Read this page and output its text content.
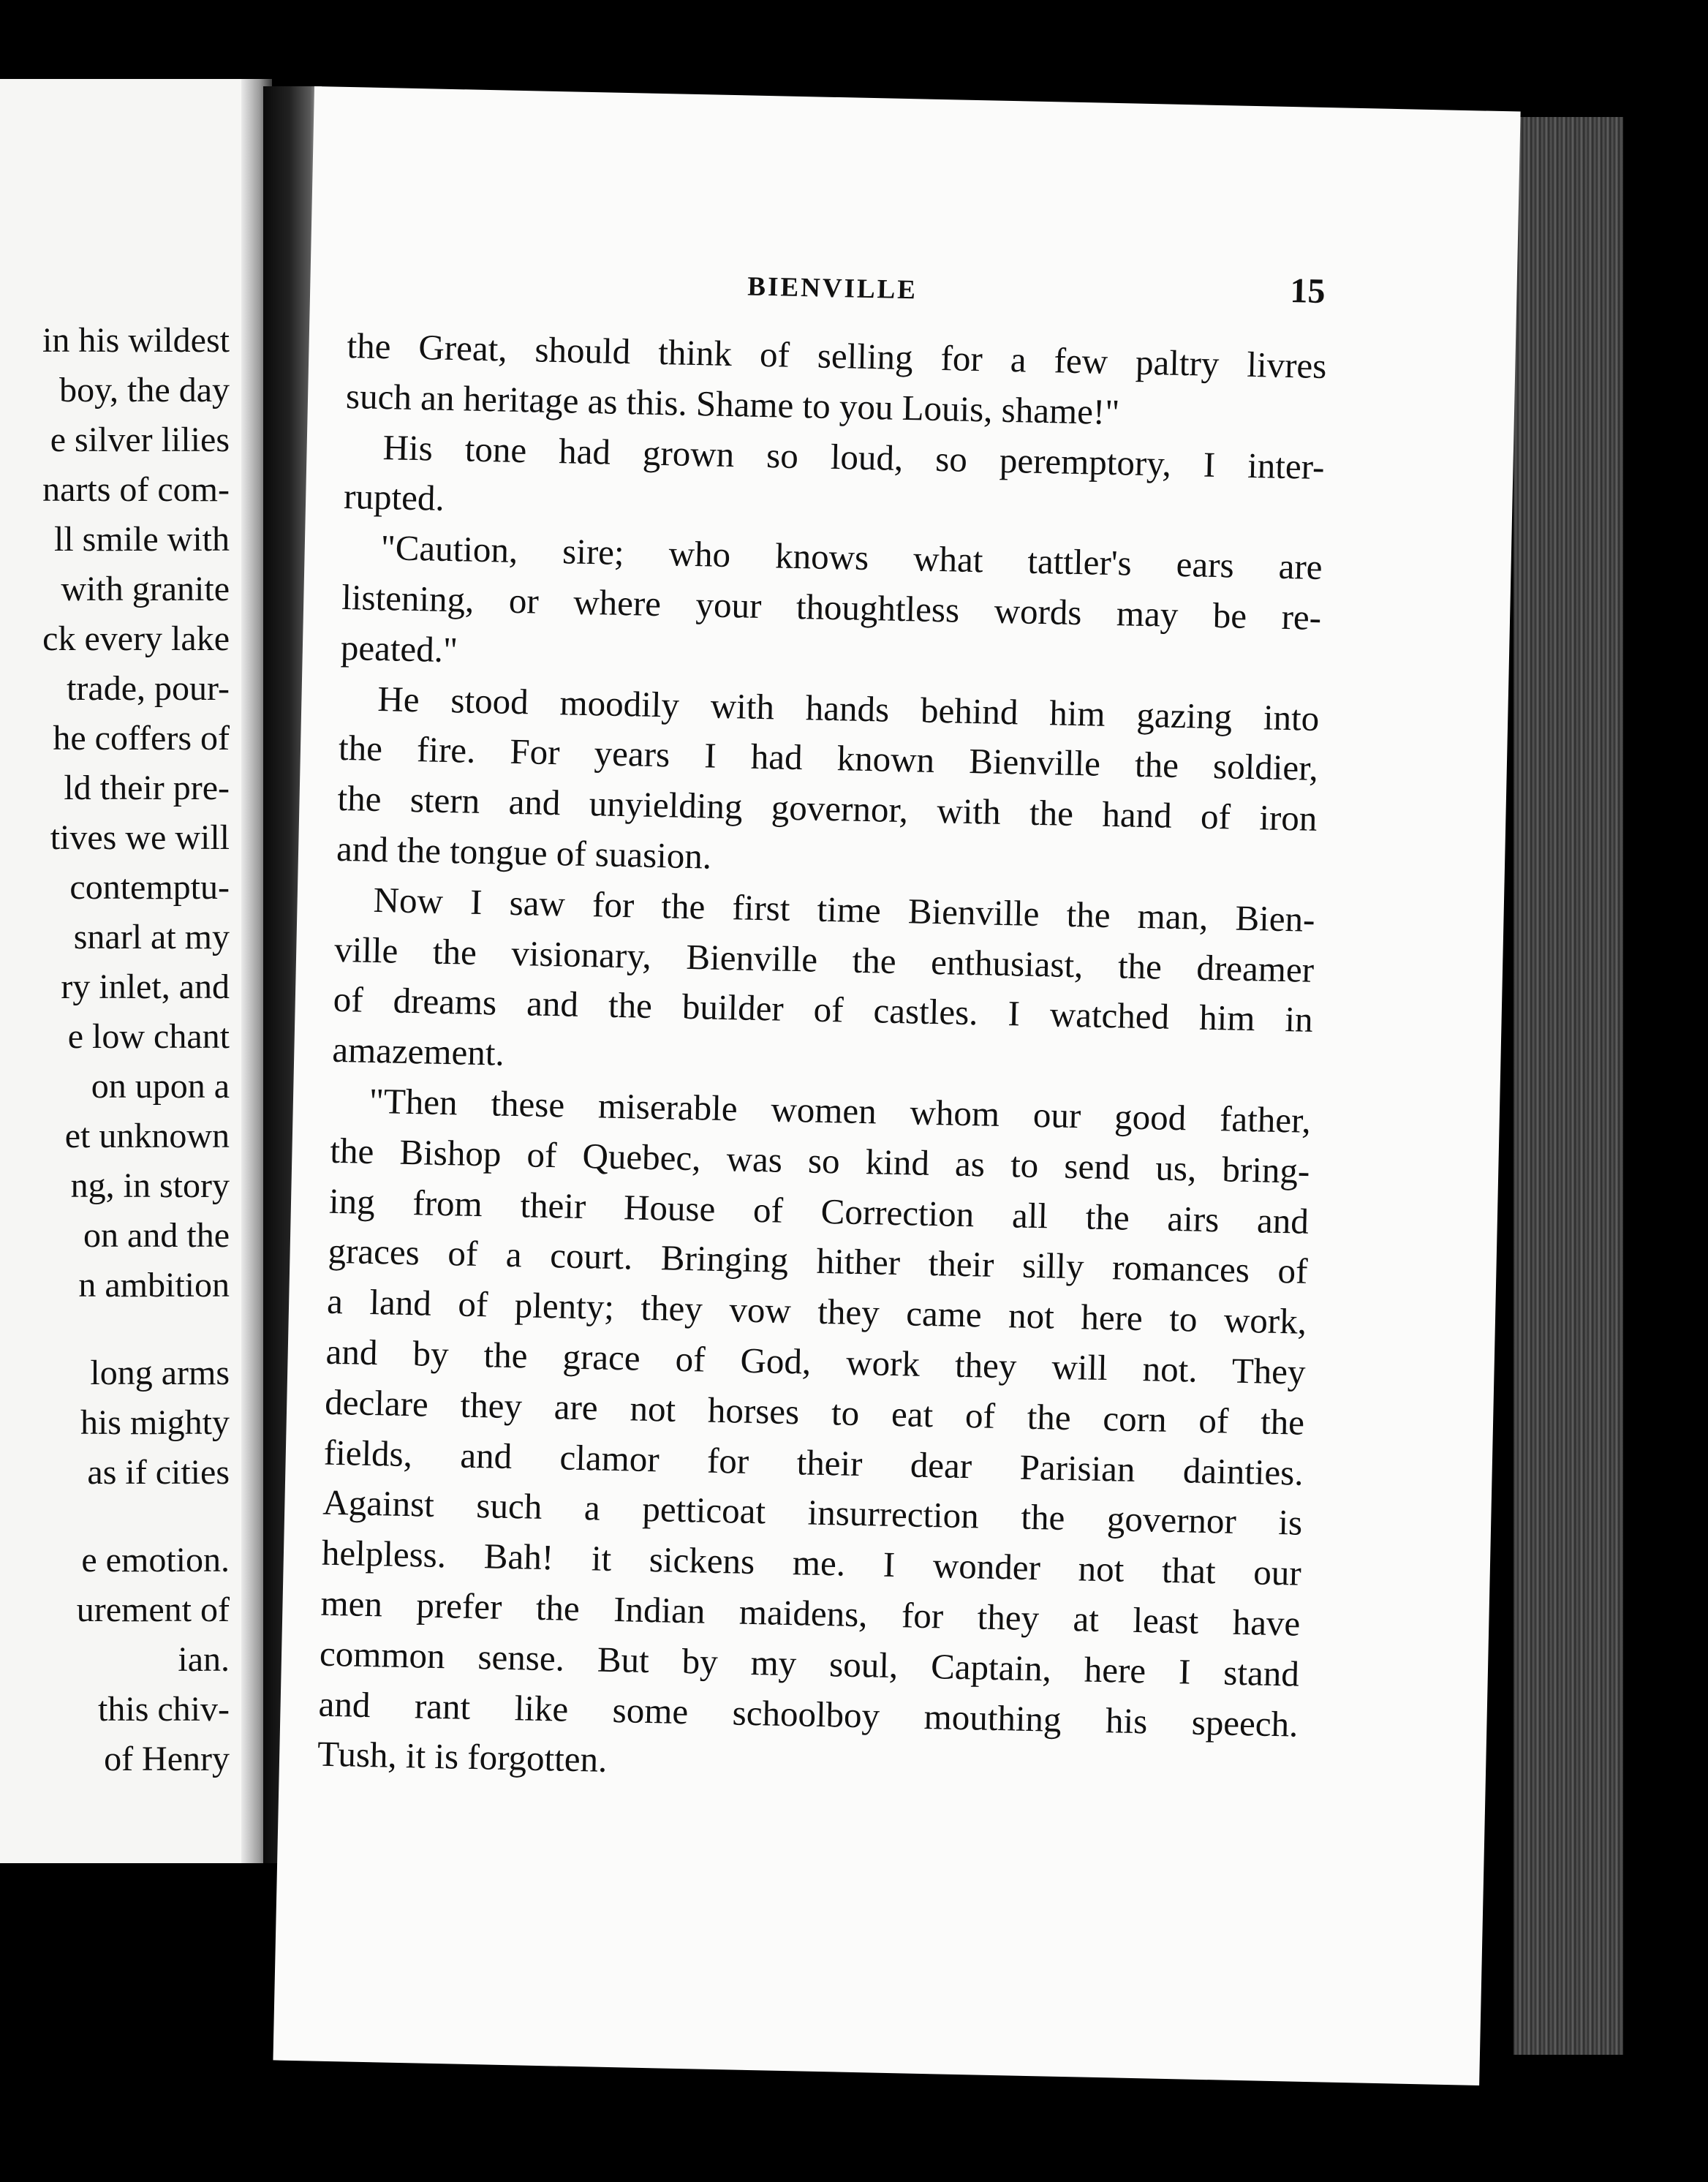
in his wildest
boy, the day
e silver lilies
narts of com-
ll smile with
with granite
ck every lake
trade, pour-
he coffers of
ld their pre-
tives we will
contemptu-
snarl at my
ry inlet, and
e low chant
on upon a
et unknown
ng, in story
on and the
n ambition
long arms
his mighty
as if cities
e emotion.
urement of
ian.
this chiv-
of Henry
BIENVILLE	15
the Great, should think of selling for a few paltry livres
such an heritage as this. Shame to you Louis, shame!"
His tone had grown so loud, so peremptory, I inter-
rupted.
"Caution, sire; who knows what tattler's ears are
listening, or where your thoughtless words may be re-
peated."
He stood moodily with hands behind him gazing into
the fire. For years I had known Bienville the soldier,
the stern and unyielding governor, with the hand of iron
and the tongue of suasion.
Now I saw for the first time Bienville the man, Bien-
ville the visionary, Bienville the enthusiast, the dreamer
of dreams and the builder of castles. I watched him in
amazement.
"Then these miserable women whom our good father,
the Bishop of Quebec, was so kind as to send us, bring-
ing from their House of Correction all the airs and
graces of a court. Bringing hither their silly romances of
a land of plenty; they vow they came not here to work,
and by the grace of God, work they will not. They
declare they are not horses to eat of the corn of the
fields, and clamor for their dear Parisian dainties.
Against such a petticoat insurrection the governor is
helpless. Bah! it sickens me. I wonder not that our
men prefer the Indian maidens, for they at least have
common sense. But by my soul, Captain, here I stand
and rant like some schoolboy mouthing his speech.
Tush, it is forgotten.
